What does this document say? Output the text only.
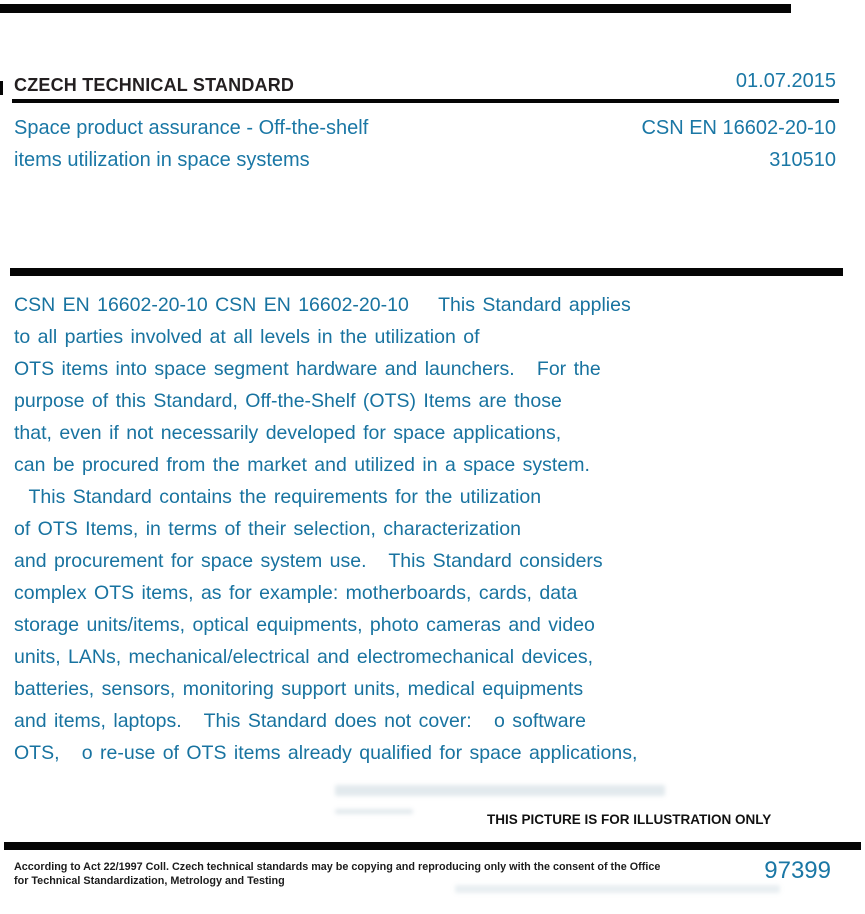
CZECH TECHNICAL STANDARD	01.07.2015
Space product assurance - Off-the-shelf
items utilization in space systems
CSN EN 16602-20-10
310510
CSN EN 16602-20-10 CSN EN 16602-20-10    This Standard applies
to all parties involved at all levels in the utilization of
OTS items into space segment hardware and launchers.   For the
purpose of this Standard, Off-the-Shelf (OTS) Items are those
that, even if not necessarily developed for space applications,
can be procured from the market and utilized in a space system.
This Standard contains the requirements for the utilization
of OTS Items, in terms of their selection, characterization
and procurement for space system use.   This Standard considers
complex OTS items, as for example: motherboards, cards, data
storage units/items, optical equipments, photo cameras and video
units, LANs, mechanical/electrical and electromechanical devices,
batteries, sensors, monitoring support units, medical equipments
and items, laptops.   This Standard does not cover:   o software
OTS,   o re-use of OTS items already qualified for space applications,
THIS PICTURE IS FOR ILLUSTRATION ONLY
According to Act 22/1997 Coll. Czech technical standards may be copying and reproducing only with the consent of the Office
for Technical Standardization, Metrology and Testing	97399
